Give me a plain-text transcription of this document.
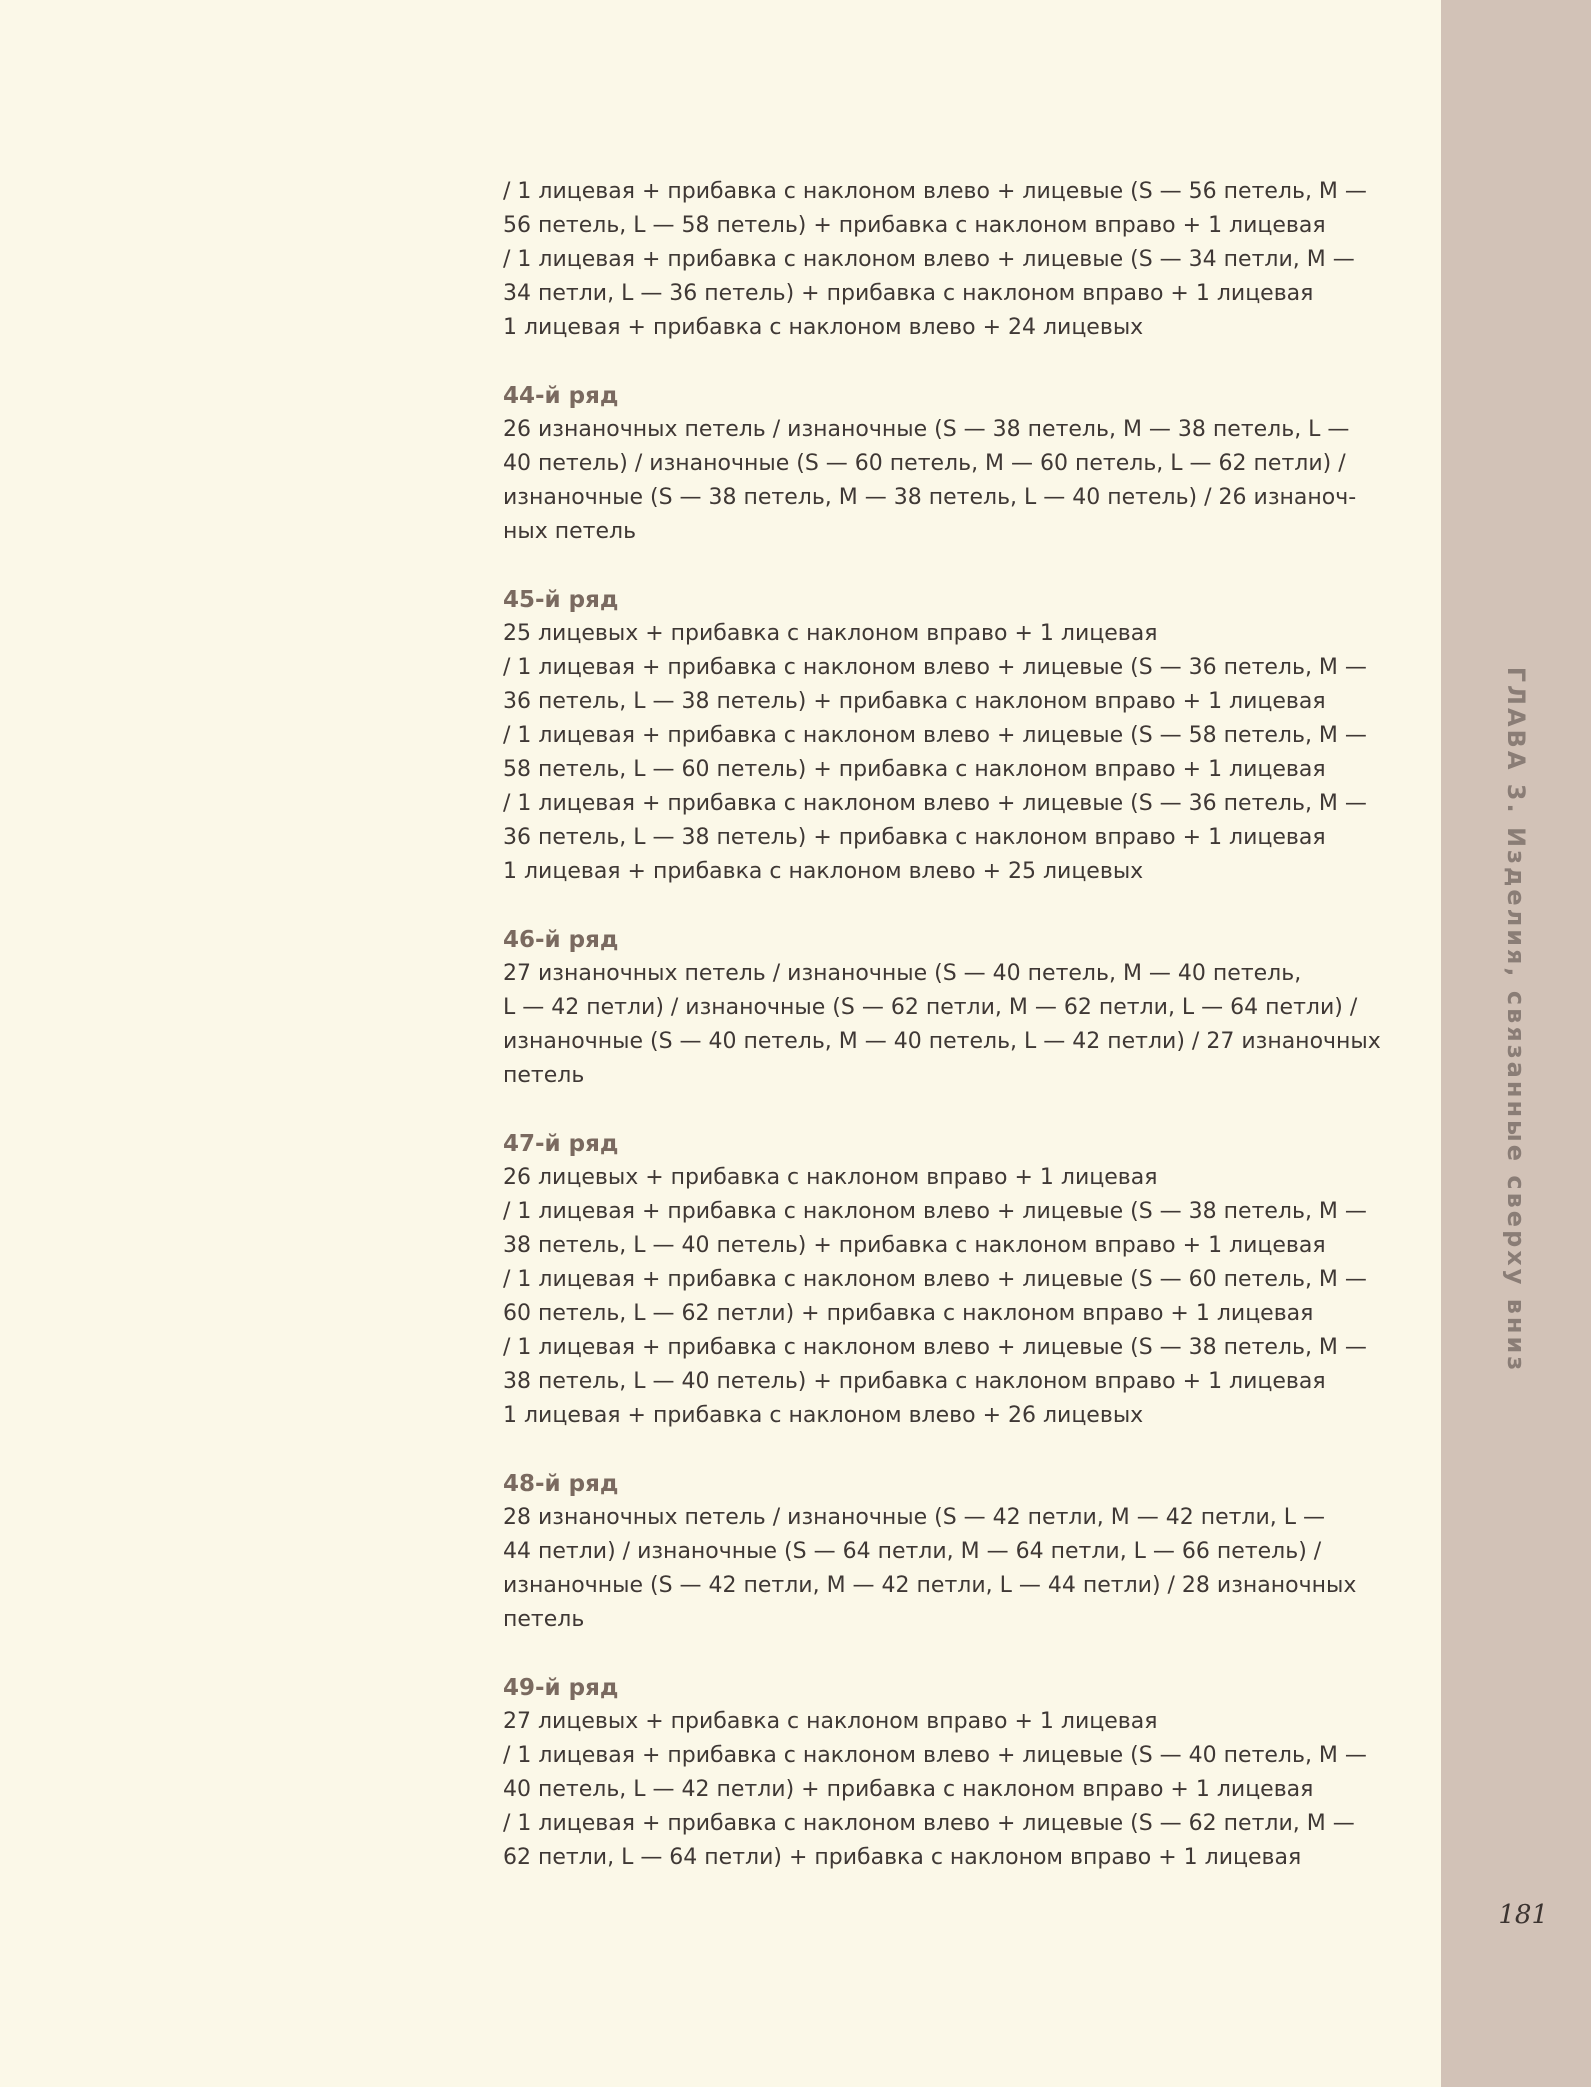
ГЛАВА 3. Изделия, связанные сверху вниз
181
/ 1 лицевая + прибавка с наклоном влево + лицевые (S — 56 петель, M —
56 петель, L — 58 петель) + прибавка с наклоном вправо + 1 лицевая
/ 1 лицевая + прибавка с наклоном влево + лицевые (S — 34 петли, M —
34 петли, L — 36 петель) + прибавка с наклоном вправо + 1 лицевая
1 лицевая + прибавка с наклоном влево + 24 лицевых
44-й ряд
26 изнаночных петель / изнаночные (S — 38 петель, M — 38 петель, L —
40 петель) / изнаночные (S — 60 петель, M — 60 петель, L — 62 петли) /
изнаночные (S — 38 петель, M — 38 петель, L — 40 петель) / 26 изнаноч-
ных петель
45-й ряд
25 лицевых + прибавка с наклоном вправо + 1 лицевая
/ 1 лицевая + прибавка с наклоном влево + лицевые (S — 36 петель, M —
36 петель, L — 38 петель) + прибавка с наклоном вправо + 1 лицевая
/ 1 лицевая + прибавка с наклоном влево + лицевые (S — 58 петель, M —
58 петель, L — 60 петель) + прибавка с наклоном вправо + 1 лицевая
/ 1 лицевая + прибавка с наклоном влево + лицевые (S — 36 петель, M —
36 петель, L — 38 петель) + прибавка с наклоном вправо + 1 лицевая
1 лицевая + прибавка с наклоном влево + 25 лицевых
46-й ряд
27 изнаночных петель / изнаночные (S — 40 петель, M — 40 петель,
L — 42 петли) / изнаночные (S — 62 петли, M — 62 петли, L — 64 петли) /
изнаночные (S — 40 петель, M — 40 петель, L — 42 петли) / 27 изнаночных
петель
47-й ряд
26 лицевых + прибавка с наклоном вправо + 1 лицевая
/ 1 лицевая + прибавка с наклоном влево + лицевые (S — 38 петель, M —
38 петель, L — 40 петель) + прибавка с наклоном вправо + 1 лицевая
/ 1 лицевая + прибавка с наклоном влево + лицевые (S — 60 петель, M —
60 петель, L — 62 петли) + прибавка с наклоном вправо + 1 лицевая
/ 1 лицевая + прибавка с наклоном влево + лицевые (S — 38 петель, M —
38 петель, L — 40 петель) + прибавка с наклоном вправо + 1 лицевая
1 лицевая + прибавка с наклоном влево + 26 лицевых
48-й ряд
28 изнаночных петель / изнаночные (S — 42 петли, M — 42 петли, L —
44 петли) / изнаночные (S — 64 петли, M — 64 петли, L — 66 петель) /
изнаночные (S — 42 петли, M — 42 петли, L — 44 петли) / 28 изнаночных
петель
49-й ряд
27 лицевых + прибавка с наклоном вправо + 1 лицевая
/ 1 лицевая + прибавка с наклоном влево + лицевые (S — 40 петель, M —
40 петель, L — 42 петли) + прибавка с наклоном вправо + 1 лицевая
/ 1 лицевая + прибавка с наклоном влево + лицевые (S — 62 петли, M —
62 петли, L — 64 петли) + прибавка с наклоном вправо + 1 лицевая
